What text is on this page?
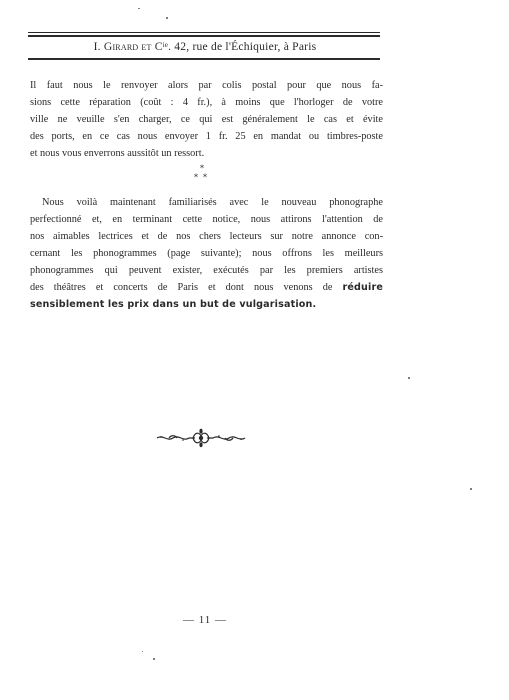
I. Girard et $C^{ie}$. 42, rue de l'Échiquier, à Paris
Il faut nous le renvoyer alors par colis postal pour que nous fa-
sions cette réparation (coût : 4 fr.), à moins que l'horloger de votre
ville ne veuille s'en charger, ce qui est généralement le cas et évite
des ports, en ce cas nous envoyer 1 fr. 25 en mandat ou timbres-poste
et nous vous enverrons aussitôt un ressort.
*
* *
Nous voilà maintenant familiarisés avec le nouveau phonographe
perfectionné et, en terminant cette notice, nous attirons l'attention de
nos aimables lectrices et de nos chers lecteurs sur notre annonce con-
cernant les phonogrammes (page suivante); nous offrons les meilleurs
phonogrammes qui peuvent exister, exécutés par les premiers artistes
des théâtres et concerts de Paris et dont nous venons de réduire
sensiblement les prix dans un but de vulgarisation.
— 11 —
